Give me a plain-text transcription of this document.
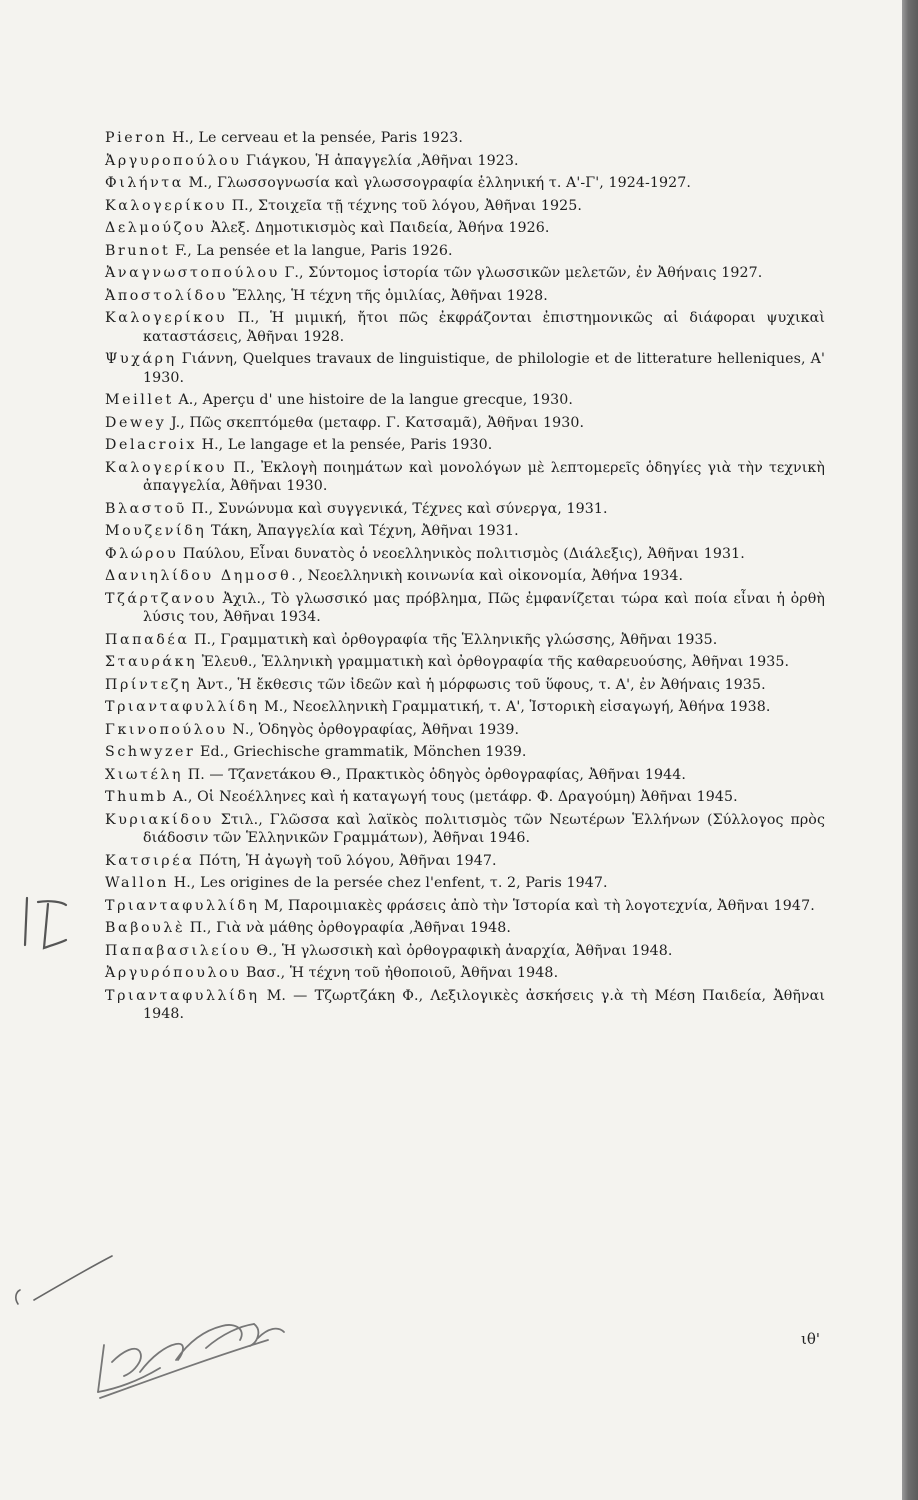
Pieron H., Le cerveau et la pensée, Paris 1923.

Ἀργυροπούλου Γιάγκου, Ἡ ἀπαγγελία ,Ἀθῆναι 1923.

Φιλήντα Μ., Γλωσσογνωσία καὶ γλωσσογραφία ἑλληνική τ. Α'-Γ', 1924-1927.

Καλογερίκου Π., Στοιχεῖα τῇ τέχνης τοῦ λόγου, Ἀθῆναι 1925.

Δελμούζου Ἀλεξ. Δημοτικισμὸς καὶ Παιδεία, Ἀθήνα 1926.

Brunot F., La pensée et la langue, Paris 1926.

Ἀναγνωστοπούλου Γ., Σύντομος ἱστορία τῶν γλωσσικῶν μελετῶν, ἐν Ἀθήναις 1927.

Ἀποστολίδου Ἔλλης, Ἡ τέχνη τῆς ὁμιλίας, Ἀθῆναι 1928.

Καλογερίκου Π., Ἡ μιμική, ἤτοι πῶς ἐκφράζονται ἐπιστημονικῶς αἱ διάφοραι ψυχικαὶ καταστάσεις, Ἀθῆναι 1928.

Ψυχάρη Γιάννη, Quelques travaux de linguistique, de philologie et de litterature helleniques, Α' 1930.

Meillet A., Aperçu d' une histoire de la langue grecque, 1930.

Dewey J., Πῶς σκεπτόμεθα (μεταφρ. Γ. Κατσαμᾶ), Ἀθῆναι 1930.

Delacroix H., Le langage et la pensée, Paris 1930.

Καλογερίκου Π., Ἐκλογὴ ποιημάτων καὶ μονολόγων μὲ λεπτομερεῖς ὁδηγίες γιὰ τὴν τεχνικὴ ἀπαγγελία, Ἀθῆναι 1930.

Βλαστοῦ Π., Συνώνυμα καὶ συγγενικά, Τέχνες καὶ σύνεργα, 1931.

Μουζενίδη Τάκη, Ἀπαγγελία καὶ Τέχνη, Ἀθῆναι 1931.

Φλώρου Παύλου, Εἶναι δυνατὸς ὁ νεοελληνικὸς πολιτισμὸς (Διάλεξις), Ἀθῆναι 1931.

Δανιηλίδου Δημοσθ., Νεοελληνικὴ κοινωνία καὶ οἰκονομία, Ἀθήνα 1934.

Τζάρτζανου Ἀχιλ., Τὸ γλωσσικό μας πρόβλημα, Πῶς ἐμφανίζεται τώρα καὶ ποία εἶναι ἡ ὀρθὴ λύσις του, Ἀθῆναι 1934.

Παπαδέα Π., Γραμματικὴ καὶ ὀρθογραφία τῆς Ἑλληνικῆς γλώσσης, Ἀθῆναι 1935.

Σταυράκη Ἐλευθ., Ἑλληνικὴ γραμματικὴ καὶ ὀρθογραφία τῆς καθαρευούσης, Ἀθῆναι 1935.

Πρίντεζη Ἀντ., Ἡ ἔκθεσις τῶν ἰδεῶν καὶ ἡ μόρφωσις τοῦ ὕφους, τ. Α', ἐν Ἀθήναις 1935.

Τριανταφυλλίδη Μ., Νεοελληνικὴ Γραμματική, τ. Α', Ἱστορικὴ εἰσαγωγή, Ἀθήνα 1938.

Γκινοπούλου Ν., Ὁδηγὸς ὀρθογραφίας, Ἀθῆναι 1939.

Schwyzer Ed., Griechische grammatik, Mönchen 1939.

Χιωτέλη Π. — Τζανετάκου Θ., Πρακτικὸς ὁδηγὸς ὀρθογραφίας, Ἀθῆναι 1944.

Thumb A., Οἱ Νεοέλληνες καὶ ἡ καταγωγή τους (μετάφρ. Φ. Δραγούμη) Ἀθῆναι 1945.

Κυριακίδου Στιλ., Γλῶσσα καὶ λαϊκὸς πολιτισμὸς τῶν Νεωτέρων Ἑλλήνων (Σύλλογος πρὸς διάδοσιν τῶν Ἑλληνικῶν Γραμμάτων), Ἀθῆναι 1946.

Κατσιρέα Πότη, Ἡ ἀγωγὴ τοῦ λόγου, Ἀθῆναι 1947.

Wallon H., Les origines de la persée chez l'enfent, τ. 2, Paris 1947.

Τριανταφυλλίδη Μ, Παροιμιακὲς φράσεις ἀπὸ τὴν Ἱστορία καὶ τὴ λογοτεχνία, Ἀθῆναι 1947.

Βαβουλὲ Π., Γιὰ νὰ μάθης ὀρθογραφία ,Ἀθῆναι 1948.

Παπαβασιλείου Θ., Ἡ γλωσσικὴ καὶ ὀρθογραφικὴ ἀναρχία, Ἀθῆναι 1948.

Ἀργυρόπουλου Βασ., Ἡ τέχνη τοῦ ἠθοποιοῦ, Ἀθῆναι 1948.

Τριανταφυλλίδη Μ. — Τζωρτζάκη Φ., Λεξιλογικὲς ἀσκήσεις γ.ὰ τὴ Μέση Παιδεία, Ἀθῆναι 1948.

ιθ'
